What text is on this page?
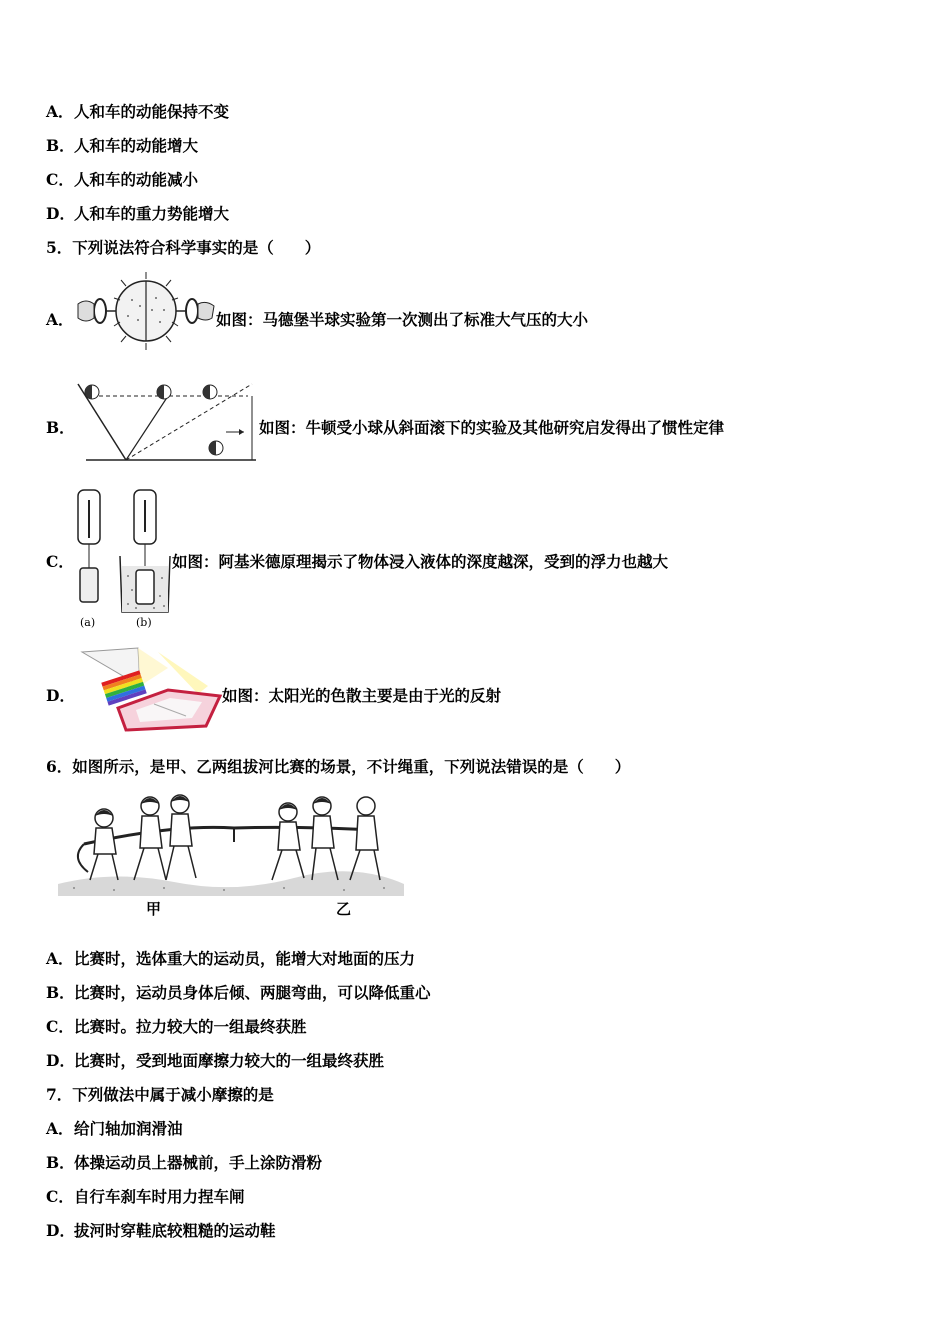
A．人和车的动能保持不变
B．人和车的动能增大
C．人和车的动能减小
D．人和车的重力势能增大
5．下列说法符合科学事实的是（　　）
A．	如图：马德堡半球实验第一次测出了标准大气压的大小
B．	如图：牛顿受小球从斜面滚下的实验及其他研究启发得出了惯性定律
C．
(a)	(b)
如图：阿基米德原理揭示了物体浸入液体的深度越深，受到的浮力也越大
D．	如图：太阳光的色散主要是由于光的反射
6．如图所示，是甲、乙两组拔河比赛的场景，不计绳重，下列说法错误的是（　　）
甲	乙
A．比赛时，选体重大的运动员，能增大对地面的压力
B．比赛时，运动员身体后倾、两腿弯曲，可以降低重心
C．比赛时。拉力较大的一组最终获胜
D．比赛时，受到地面摩擦力较大的一组最终获胜
7．下列做法中属于减小摩擦的是
A．给门轴加润滑油
B．体操运动员上器械前，手上涂防滑粉
C．自行车刹车时用力捏车闸
D．拔河时穿鞋底较粗糙的运动鞋
